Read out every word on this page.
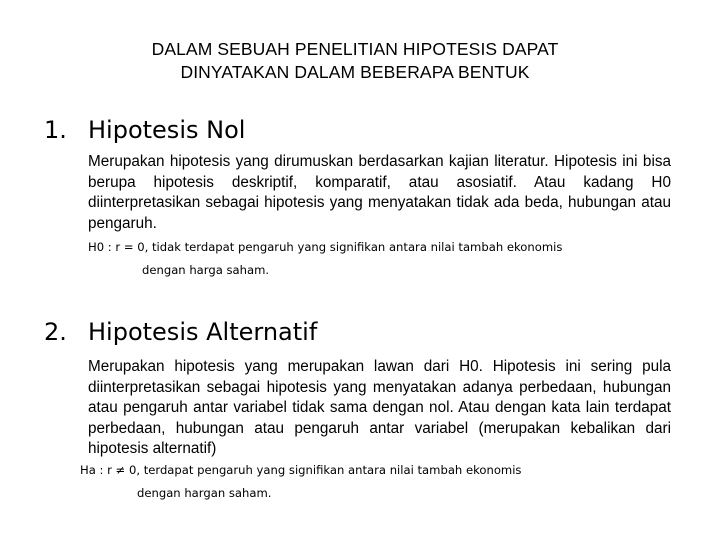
DALAM SEBUAH PENELITIAN HIPOTESIS DAPAT
DINYATAKAN DALAM BEBERAPA BENTUK
1. Hipotesis Nol
Merupakan hipotesis yang dirumuskan berdasarkan kajian literatur. Hipotesis ini bisa berupa hipotesis deskriptif, komparatif, atau asosiatif. Atau kadang H0 diinterpretasikan sebagai hipotesis yang menyatakan tidak ada beda, hubungan atau pengaruh.
H0 : r = 0, tidak terdapat pengaruh yang signifikan antara nilai tambah ekonomis
dengan harga saham.
2. Hipotesis Alternatif
Merupakan hipotesis yang merupakan lawan dari H0. Hipotesis ini sering pula diinterpretasikan sebagai hipotesis yang menyatakan adanya perbedaan, hubungan atau pengaruh antar variabel tidak sama dengan nol. Atau dengan kata lain terdapat perbedaan, hubungan atau pengaruh antar variabel (merupakan kebalikan dari hipotesis alternatif)
Ha : r ≠ 0, terdapat pengaruh yang signifikan antara nilai tambah ekonomis
dengan hargan saham.
